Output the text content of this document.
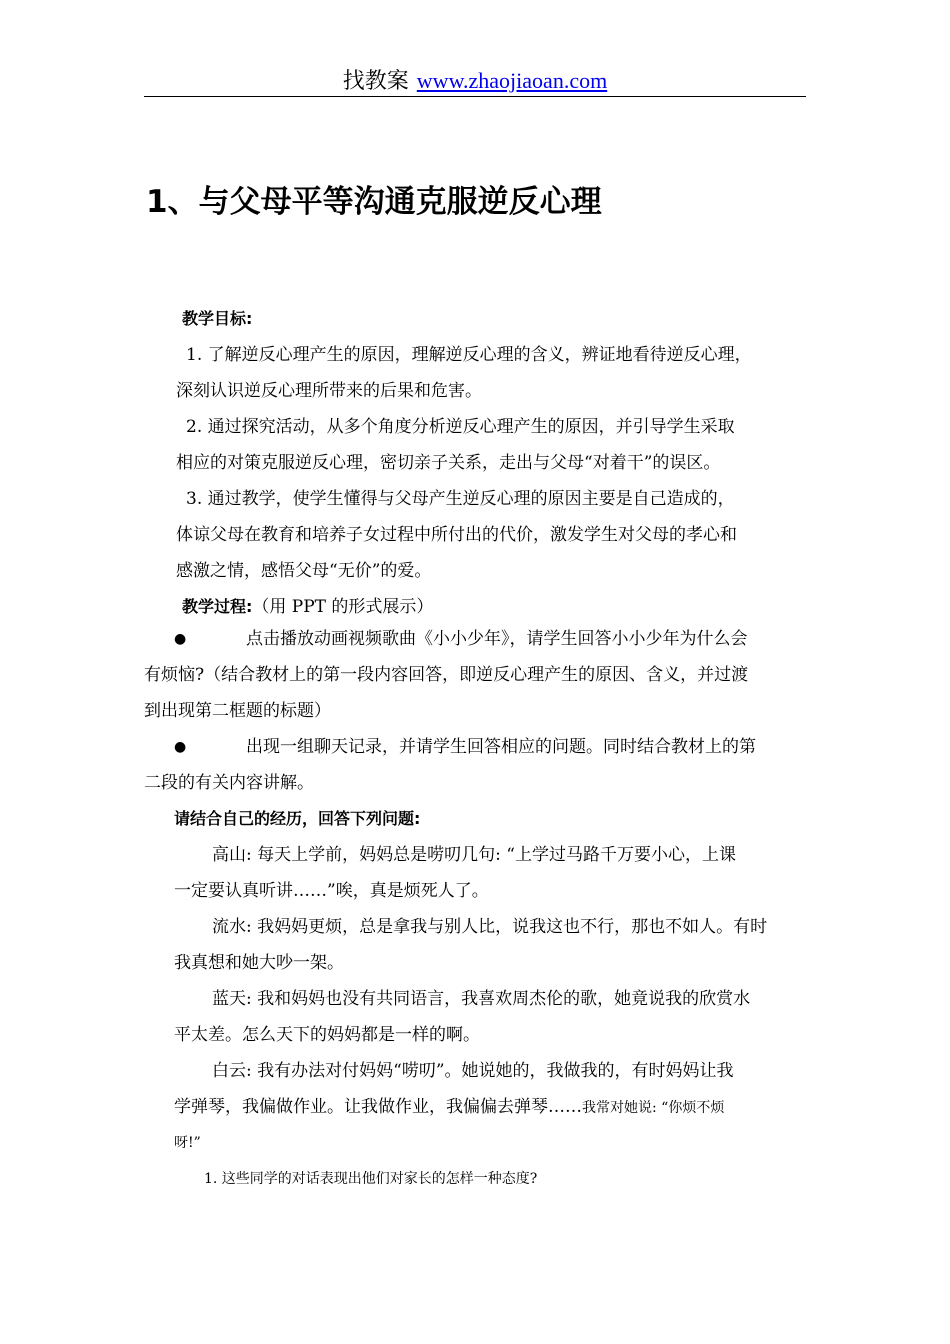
找教案 www.zhaojiaoan.com
1、与父母平等沟通克服逆反心理
教学目标:
1. 了解逆反心理产生的原因，理解逆反心理的含义，辨证地看待逆反心理，
深刻认识逆反心理所带来的后果和危害。
2. 通过探究活动，从多个角度分析逆反心理产生的原因，并引导学生采取
相应的对策克服逆反心理，密切亲子关系，走出与父母“对着干”的误区。
3. 通过教学，使学生懂得与父母产生逆反心理的原因主要是自己造成的，
体谅父母在教育和培养子女过程中所付出的代价，激发学生对父母的孝心和
感激之情，感悟父母“无价”的爱。
教学过程:（用 PPT 的形式展示）
●	点击播放动画视频歌曲《小小少年》，请学生回答小小少年为什么会
有烦恼?（结合教材上的第一段内容回答，即逆反心理产生的原因、含义，并过渡
到出现第二框题的标题）
●	出现一组聊天记录，并请学生回答相应的问题。同时结合教材上的第
二段的有关内容讲解。
请结合自己的经历，回答下列问题:
高山: 每天上学前，妈妈总是唠叨几句: “上学过马路千万要小心，上课
一定要认真听讲……”唉，真是烦死人了。
流水: 我妈妈更烦，总是拿我与别人比，说我这也不行，那也不如人。有时
我真想和她大吵一架。
蓝天: 我和妈妈也没有共同语言，我喜欢周杰伦的歌，她竟说我的欣赏水
平太差。怎么天下的妈妈都是一样的啊。
白云: 我有办法对付妈妈“唠叨”。她说她的，我做我的，有时妈妈让我
学弹琴，我偏做作业。让我做作业，我偏偏去弹琴……我常对她说: “你烦不烦
呀!”
1. 这些同学的对话表现出他们对家长的怎样一种态度?
